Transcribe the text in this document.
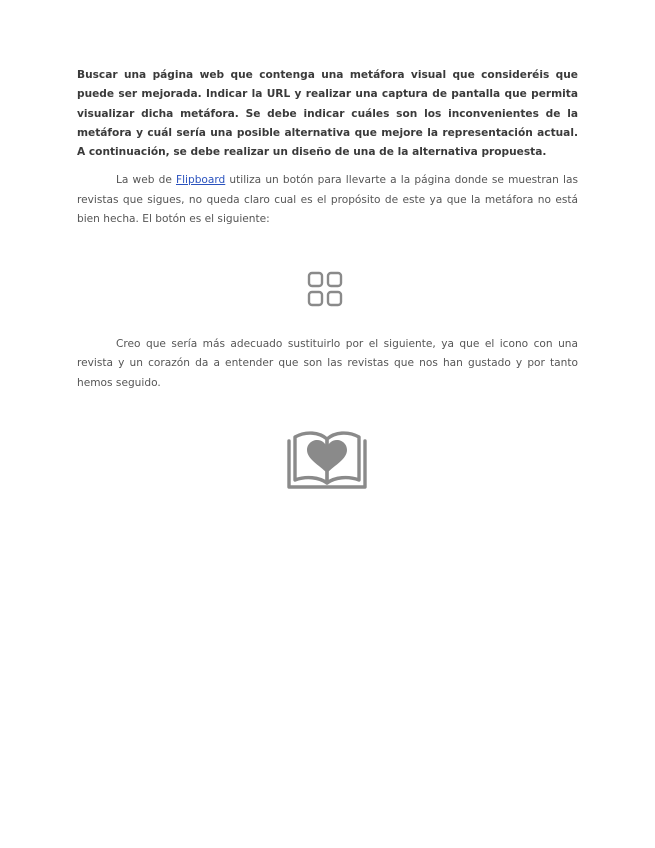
Buscar una página web que contenga una metáfora visual que consideréis que puede ser mejorada. Indicar la URL y realizar una captura de pantalla que permita visualizar dicha metáfora. Se debe indicar cuáles son los inconvenientes de la metáfora y cuál sería una posible alternativa que mejore la representación actual. A continuación, se debe realizar un diseño de una de la alternativa propuesta.

La web de Flipboard utiliza un botón para llevarte a la página donde se muestran las revistas que sigues, no queda claro cual es el propósito de este ya que la metáfora no está bien hecha. El botón es el siguiente:

Creo que sería más adecuado sustituirlo por el siguiente, ya que el icono con una revista y un corazón da a entender que son las revistas que nos han gustado y por tanto hemos seguido.
